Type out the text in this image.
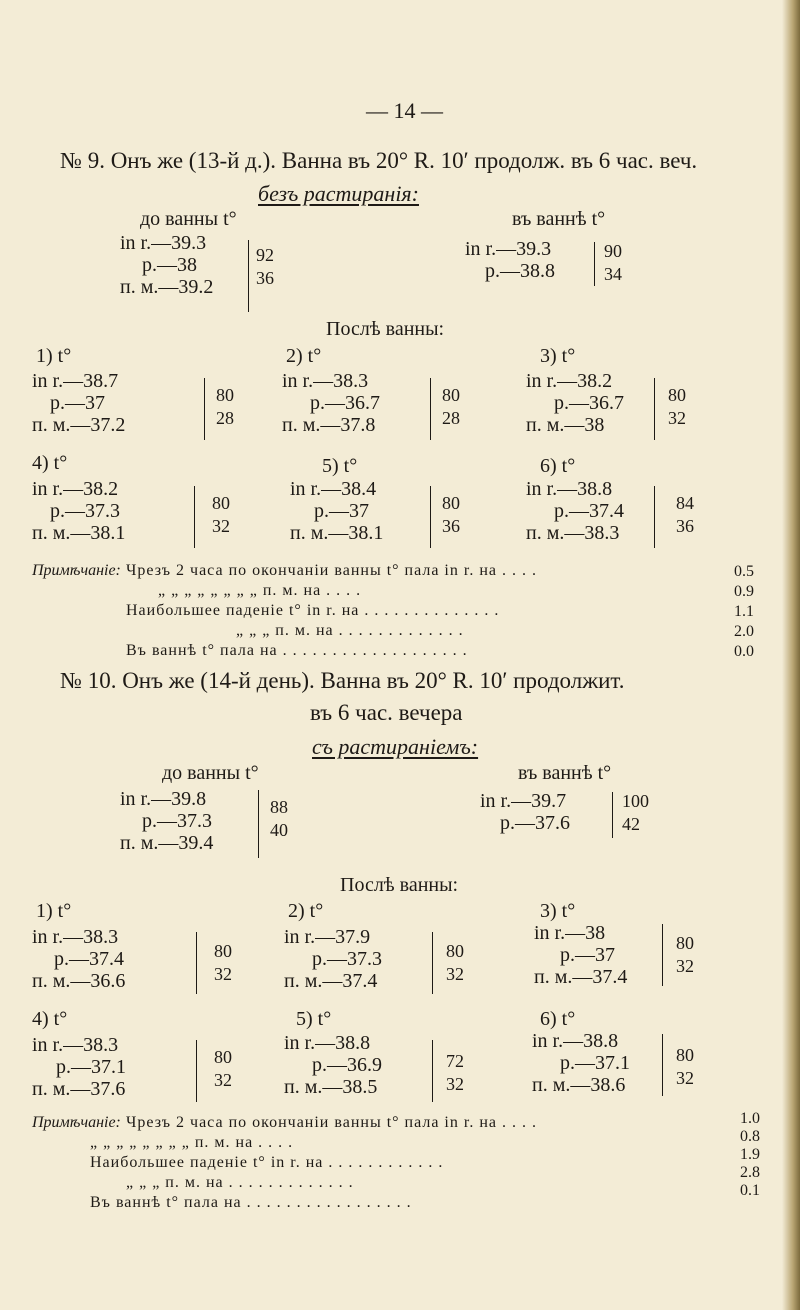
— 14 —
№ 9. Онъ же (13-й д.). Ванна въ 20° R. 10′ продолж. въ 6 час. веч.
безъ растиранія:
до ванны t°
in r.—39.3
p.—38
п. м.—39.2
92
36
въ ваннѣ t°
in r.—39.3
p.—38.8
90
34
Послѣ ванны:
1) t°
in r.—38.7
p.—37
п. м.—37.2
80
28
2) t°
in r.—38.3
p.—36.7
п. м.—37.8
80
28
3) t°
in r.—38.2
p.—36.7
п. м.—38
80
32
4) t°
in r.—38.2
p.—37.3
п. м.—38.1
80
32
5) t°
in r.—38.4
p.—37
п. м.—38.1
80
36
6) t°
in r.—38.8
p.—37.4
п. м.—38.3
84
36
Примѣчаніе: Чрезъ 2 часа по окончаніи ванны t° пала in r. на . . . .
„ „ „ „ „ „ „ „ п. м. на . . . .
Наибольшее паденіе t° in r. на . . . . . . . . . . . . . .
„ „ „ п. м. на . . . . . . . . . . . . .
Въ ваннѣ t° пала на . . . . . . . . . . . . . . . . . . .
0.5
0.9
1.1
2.0
0.0
№ 10. Онъ же (14-й день). Ванна въ 20° R. 10′ продолжит.
въ 6 час. вечера
съ растираніемъ:
до ванны t°
in r.—39.8
p.—37.3
п. м.—39.4
88
40
въ ваннѣ t°
in r.—39.7
p.—37.6
100
42
Послѣ ванны:
1) t°
in r.—38.3
p.—37.4
п. м.—36.6
80
32
2) t°
in r.—37.9
p.—37.3
п. м.—37.4
80
32
3) t°
in r.—38
p.—37
п. м.—37.4
80
32
4) t°
in r.—38.3
p.—37.1
п. м.—37.6
80
32
5) t°
in r.—38.8
p.—36.9
п. м.—38.5
72
32
6) t°
in r.—38.8
p.—37.1
п. м.—38.6
80
32
Примѣчаніе: Чрезъ 2 часа по окончаніи ванны t° пала in r. на . . . .
„ „ „ „ „ „ „ „ п. м. на . . . .
Наибольшее паденіе t° in r. на . . . . . . . . . . . .
„ „ „ п. м. на . . . . . . . . . . . . .
Въ ваннѣ t° пала на . . . . . . . . . . . . . . . . .
1.0
0.8
1.9
2.8
0.1
